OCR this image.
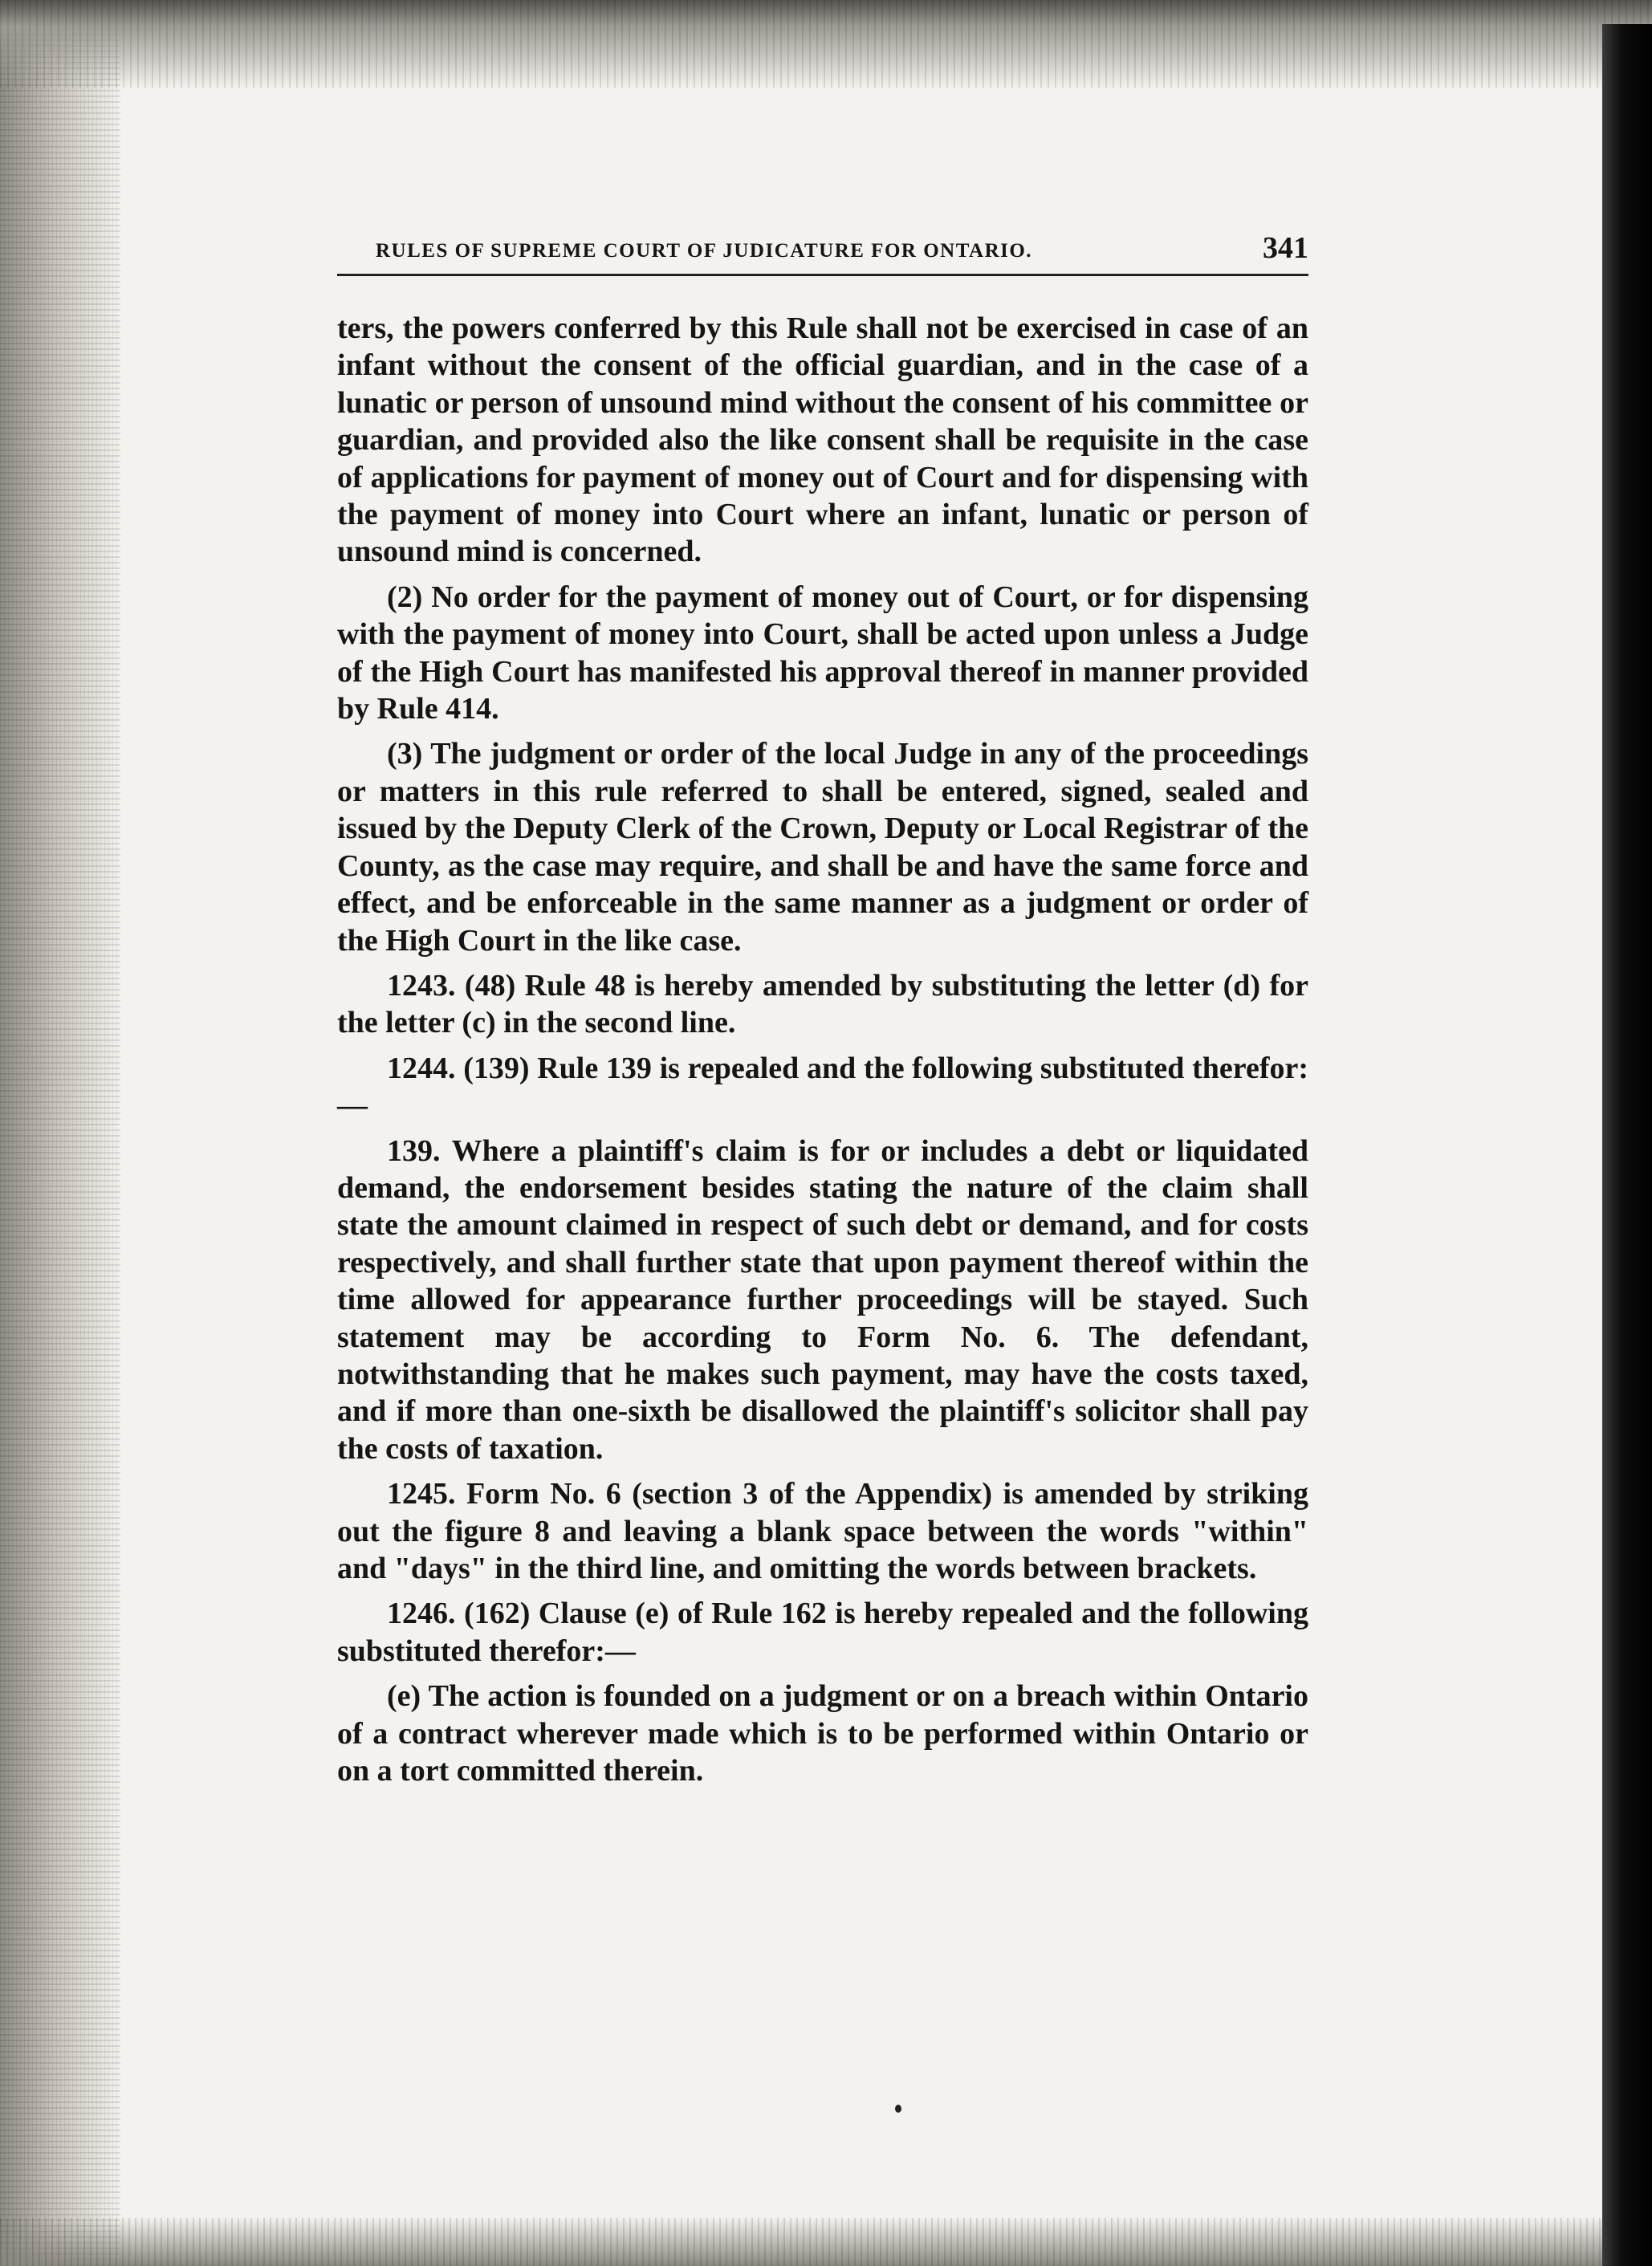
RULES OF SUPREME COURT OF JUDICATURE FOR ONTARIO.	341

ters, the powers conferred by this Rule shall not be exercised in case of an infant without the consent of the official guardian, and in the case of a lunatic or person of unsound mind without the consent of his committee or guardian, and provided also the like consent shall be requisite in the case of applications for payment of money out of Court and for dispensing with the payment of money into Court where an infant, lunatic or person of unsound mind is concerned.

(2) No order for the payment of money out of Court, or for dispensing with the payment of money into Court, shall be acted upon unless a Judge of the High Court has manifested his approval thereof in manner provided by Rule 414.

(3) The judgment or order of the local Judge in any of the proceedings or matters in this rule referred to shall be entered, signed, sealed and issued by the Deputy Clerk of the Crown, Deputy or Local Registrar of the County, as the case may require, and shall be and have the same force and effect, and be enforceable in the same manner as a judgment or order of the High Court in the like case.

1243. (48) Rule 48 is hereby amended by substituting the letter (d) for the letter (c) in the second line.

1244. (139) Rule 139 is repealed and the following substituted therefor:—

139. Where a plaintiff's claim is for or includes a debt or liquidated demand, the endorsement besides stating the nature of the claim shall state the amount claimed in respect of such debt or demand, and for costs respectively, and shall further state that upon payment thereof within the time allowed for appearance further proceedings will be stayed. Such statement may be according to Form No. 6. The defendant, notwithstanding that he makes such payment, may have the costs taxed, and if more than one-sixth be disallowed the plaintiff's solicitor shall pay the costs of taxation.

1245. Form No. 6 (section 3 of the Appendix) is amended by striking out the figure 8 and leaving a blank space between the words "within" and "days" in the third line, and omitting the words between brackets.

1246. (162) Clause (e) of Rule 162 is hereby repealed and the following substituted therefor:—

(e) The action is founded on a judgment or on a breach within Ontario of a contract wherever made which is to be performed within Ontario or on a tort committed therein.
